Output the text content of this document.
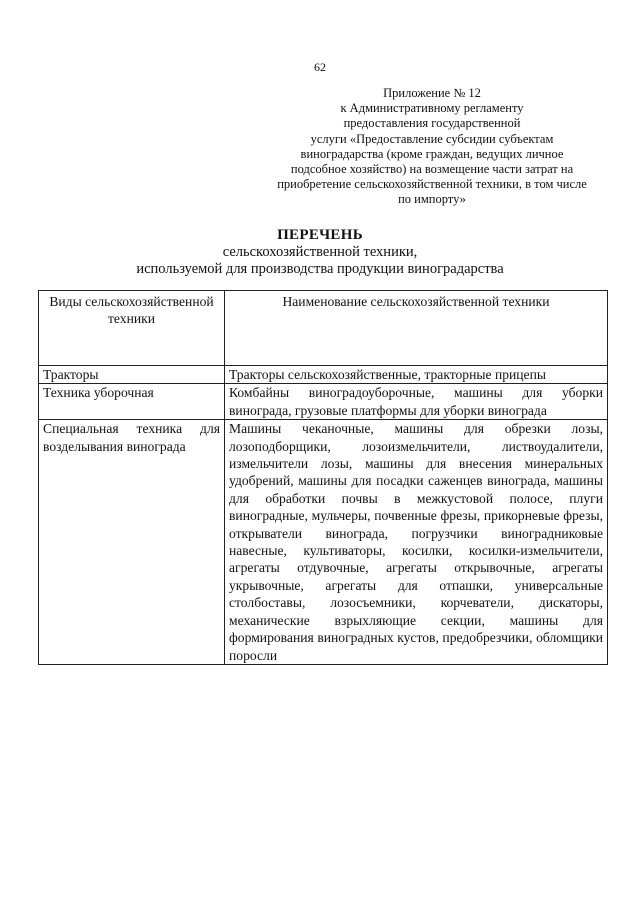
62
Приложение № 12
к Административному регламенту
предоставления государственной
услуги «Предоставление субсидии субъектам
виноградарства (кроме граждан, ведущих личное
подсобное хозяйство) на возмещение части затрат на
приобретение сельскохозяйственной техники, в том числе
по импорту»
ПЕРЕЧЕНЬ
сельскохозяйственной техники,
используемой для производства продукции виноградарства
Виды сельскохозяйственной техники	Наименование сельскохозяйственной техники
Тракторы	Тракторы сельскохозяйственные, тракторные прицепы
Техника уборочная	Комбайны виноградоуборочные, машины для уборки винограда, грузовые платформы для уборки винограда
Специальная техника для возделывания винограда	Машины чеканочные, машины для обрезки лозы, лозоподборщики, лозоизмельчители, листвоудалители, измельчители лозы, машины для внесения минеральных удобрений, машины для посадки саженцев винограда, машины для обработки почвы в межкустовой полосе, плуги виноградные, мульчеры, почвенные фрезы, прикорневые фрезы, открыватели винограда, погрузчики виноградниковые навесные, культиваторы, косилки, косилки-измельчители, агрегаты отдувочные, агрегаты открывочные, агрегаты укрывочные, агрегаты для отпашки, универсальные столбоставы, лозосъемники, корчеватели, дискаторы, механические взрыхляющие секции, машины для формирования виноградных кустов, предобрезчики, обломщики поросли
